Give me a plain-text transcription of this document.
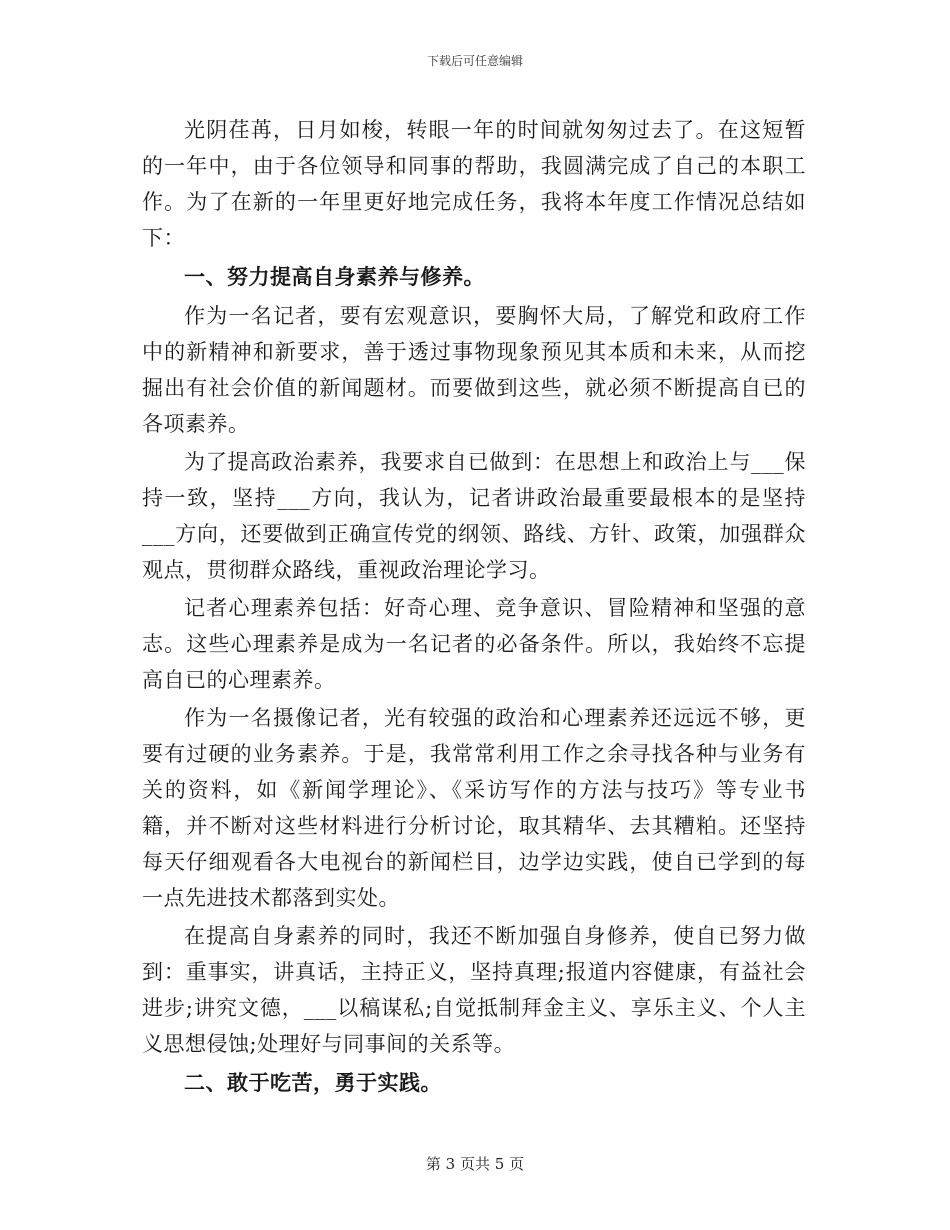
下载后可任意编辑

光阴荏苒，日月如梭，转眼一年的时间就匆匆过去了。在这短暂的一年中，由于各位领导和同事的帮助，我圆满完成了自己的本职工作。为了在新的一年里更好地完成任务，我将本年度工作情况总结如下：

一、努力提高自身素养与修养。

作为一名记者，要有宏观意识，要胸怀大局，了解党和政府工作中的新精神和新要求，善于透过事物现象预见其本质和未来，从而挖掘出有社会价值的新闻题材。而要做到这些，就必须不断提高自已的各项素养。

为了提高政治素养，我要求自已做到：在思想上和政治上与___保持一致，坚持___方向，我认为，记者讲政治最重要最根本的是坚持___方向，还要做到正确宣传党的纲领、路线、方针、政策，加强群众观点，贯彻群众路线，重视政治理论学习。

记者心理素养包括：好奇心理、竞争意识、冒险精神和坚强的意志。这些心理素养是成为一名记者的必备条件。所以，我始终不忘提高自已的心理素养。

作为一名摄像记者，光有较强的政治和心理素养还远远不够，更要有过硬的业务素养。于是，我常常利用工作之余寻找各种与业务有关的资料，如《新闻学理论》、《采访写作的方法与技巧》等专业书籍，并不断对这些材料进行分析讨论，取其精华、去其糟粕。还坚持每天仔细观看各大电视台的新闻栏目，边学边实践，使自已学到的每一点先进技术都落到实处。

在提高自身素养的同时，我还不断加强自身修养，使自已努力做到：重事实，讲真话，主持正义，坚持真理;报道内容健康，有益社会进步;讲究文德，___以稿谋私;自觉抵制拜金主义、享乐主义、个人主义思想侵蚀;处理好与同事间的关系等。

二、敢于吃苦，勇于实践。

第 3 页共 5 页
